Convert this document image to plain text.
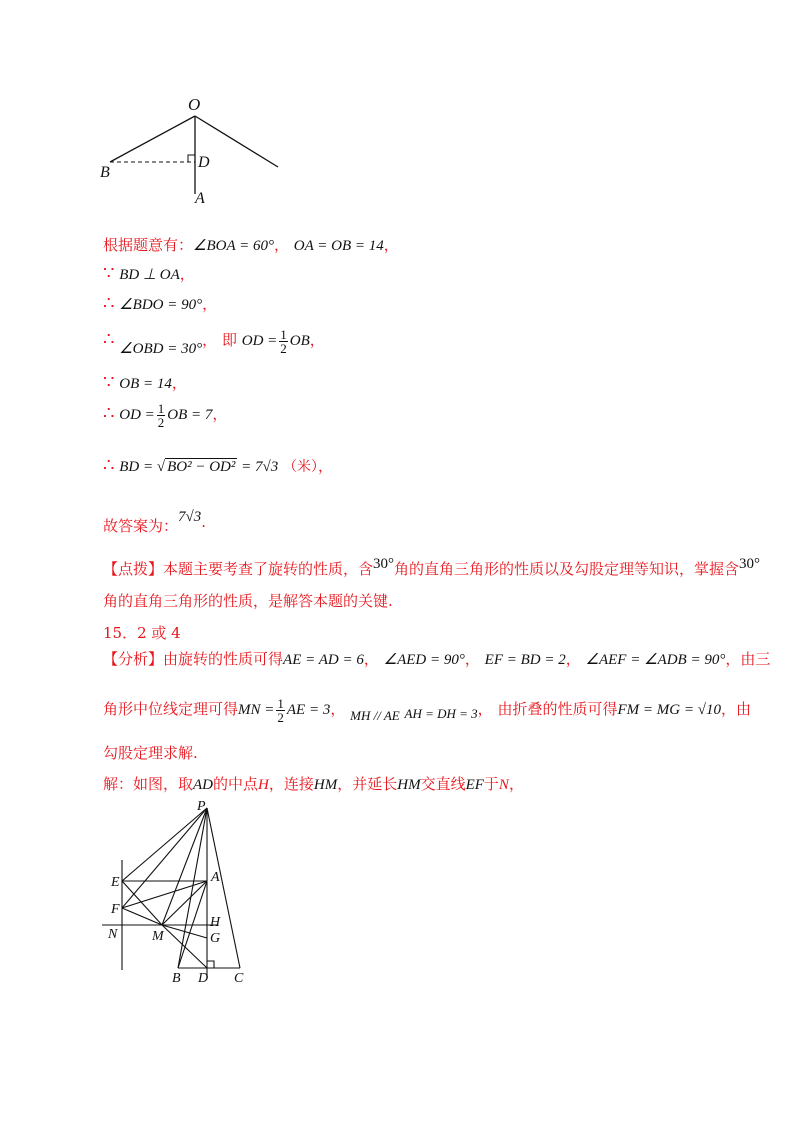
O
D
B
A
根据题意有：∠BOA = 60°， OA = OB = 14，
∵ BD ⊥ OA，
∴ ∠BDO = 90°，
∴ ∠OBD = 30°， 即 OD = $\frac{1}{2}$ OB，
∵ OB = 14，
∴ OD = $\frac{1}{2}$ OB = 7，
∴ BD = √ BO² − OD² = 7√3 （米），
故答案为：7√3.
【点拨】本题主要考查了旋转的性质，含30°角的直角三角形的性质以及勾股定理等知识，掌握含30°
角的直角三角形的性质，是解答本题的关键.
15．2 或 4
【分析】由旋转的性质可得AE = AD = 6， ∠AED = 90°， EF = BD = 2， ∠AEF = ∠ADB = 90°，由三
角形中位线定理可得MN = $\frac{1}{2}$ AE = 3， MH // AE AH = DH = 3， 由折叠的性质可得FM = MG = √10，由
勾股定理求解.
解：如图，取AD的中点H，连接HM，并延长HM交直线EF于N，
P
E	A
F
H
N M	G
B D C
